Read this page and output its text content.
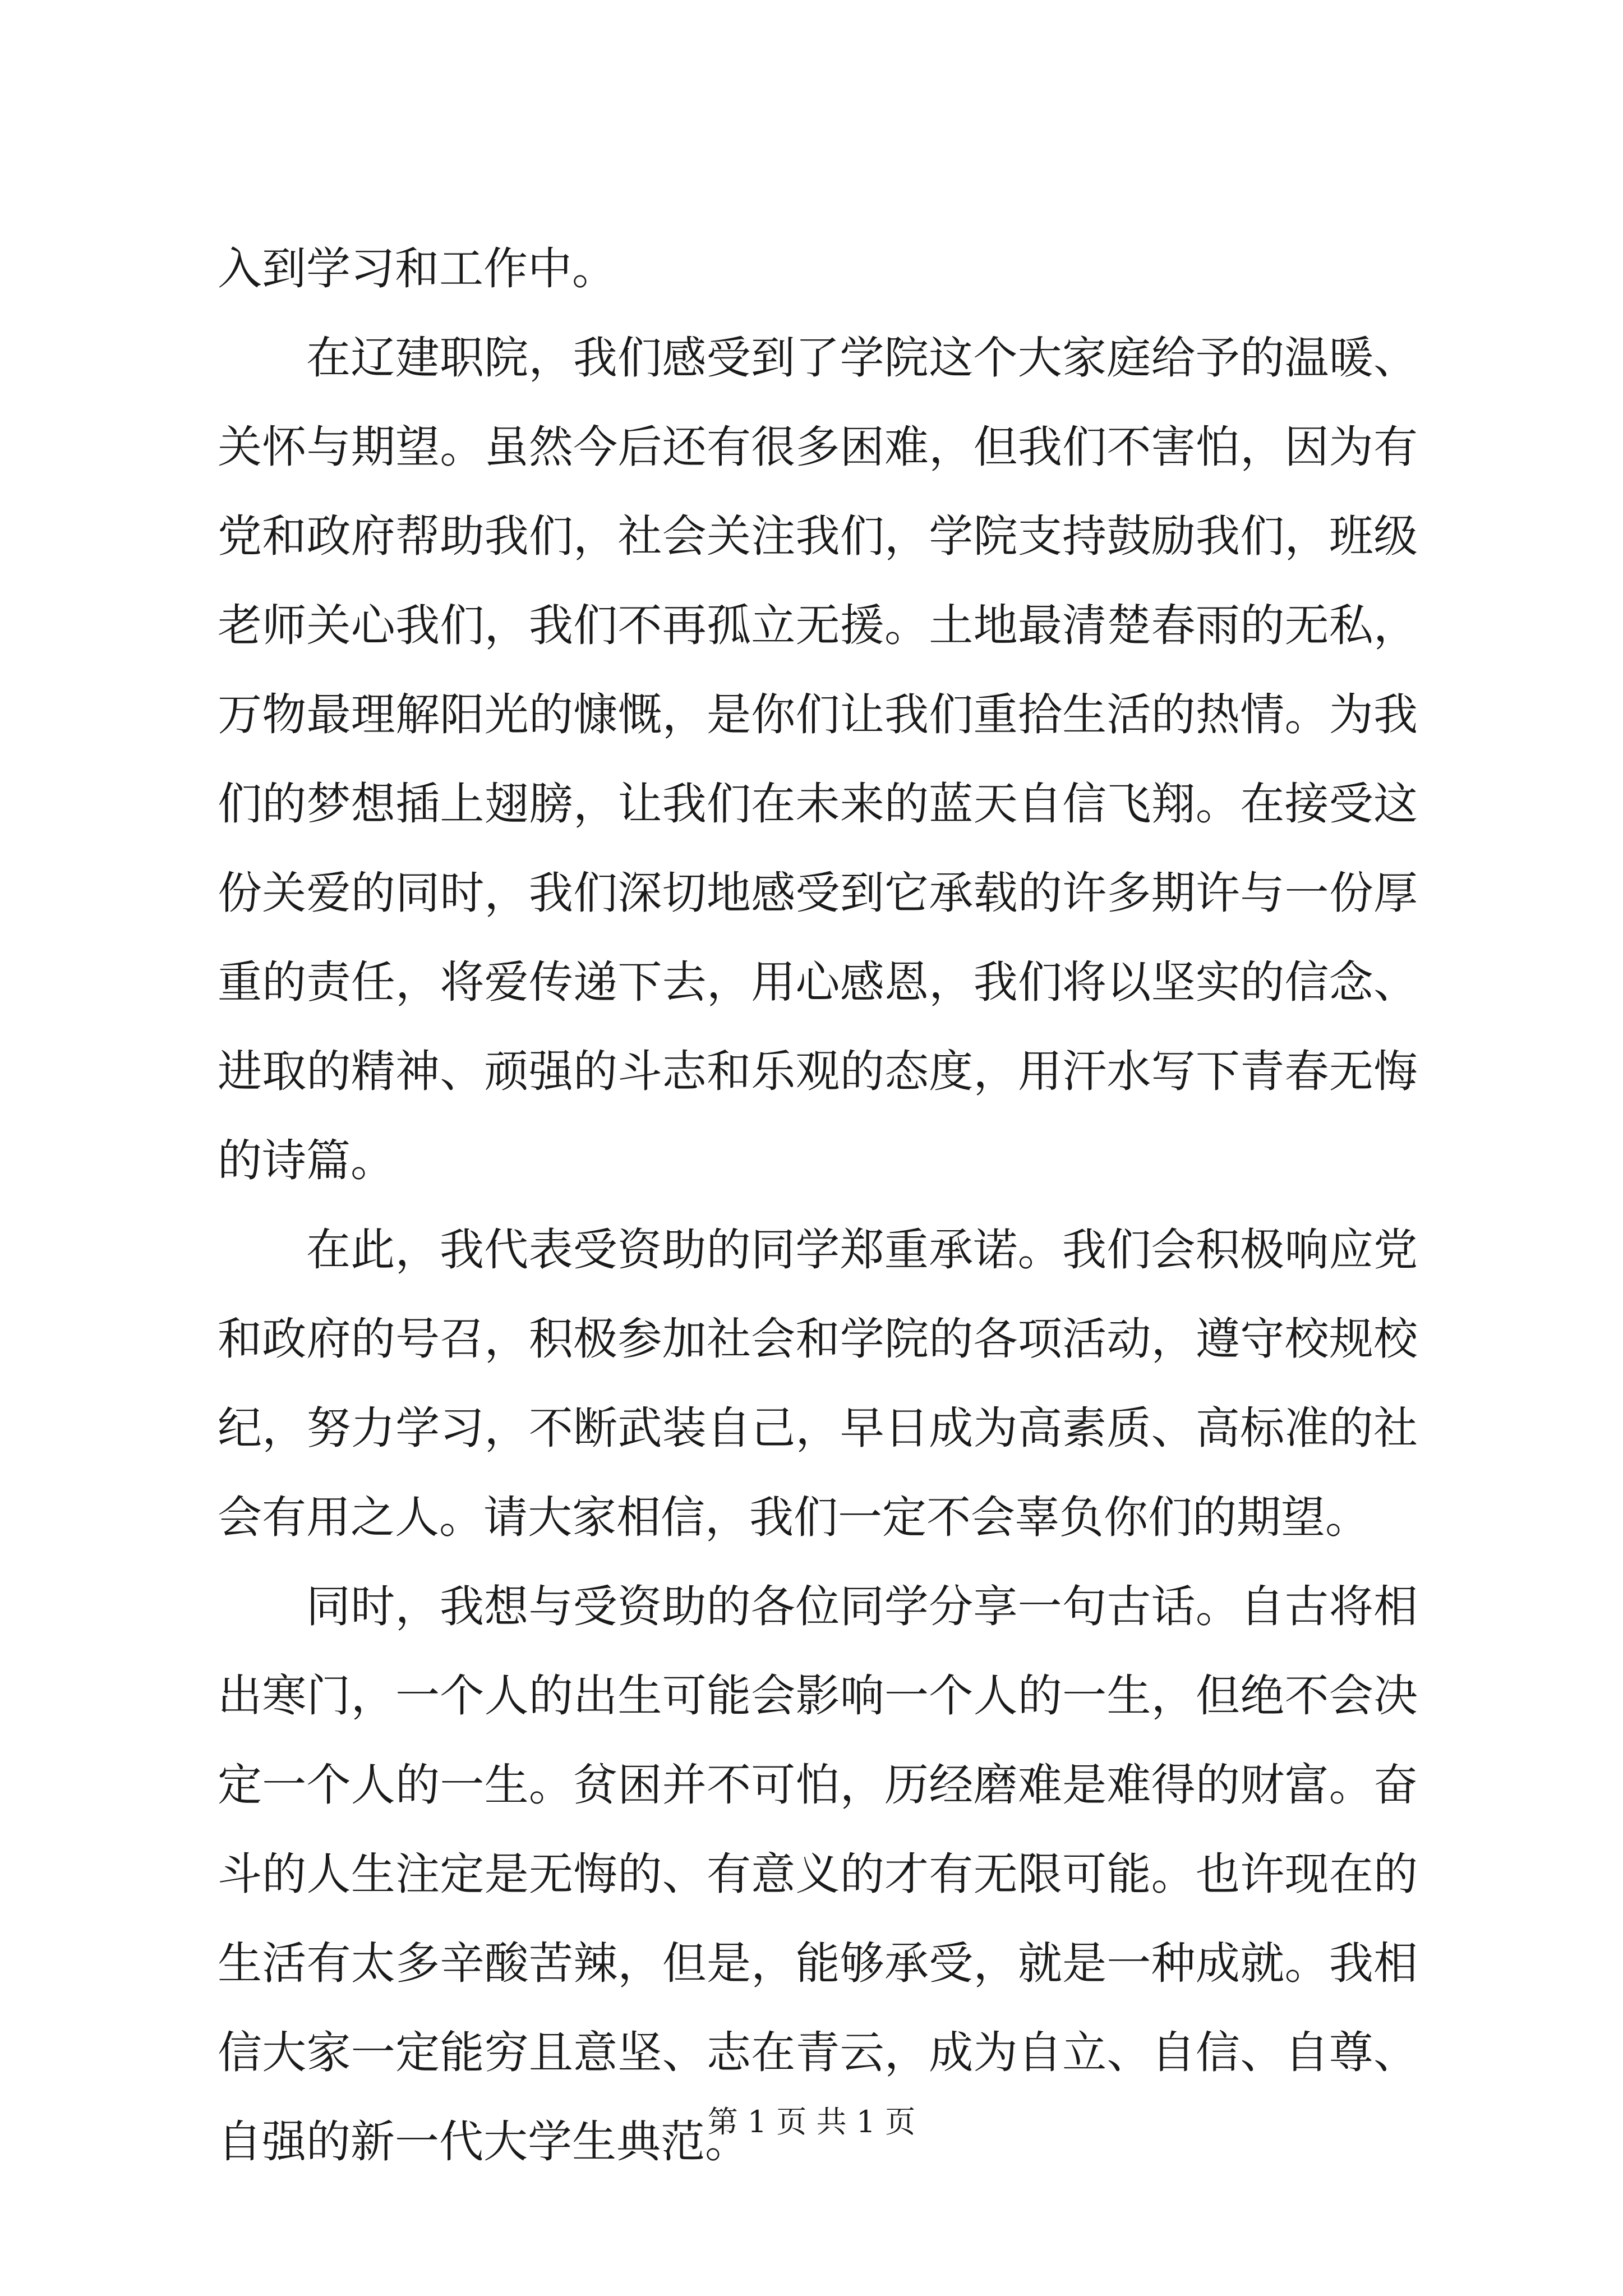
入到学习和工作中。

在辽建职院，我们感受到了学院这个大家庭给予的温暖、关怀与期望。虽然今后还有很多困难，但我们不害怕，因为有党和政府帮助我们，社会关注我们，学院支持鼓励我们，班级老师关心我们，我们不再孤立无援。土地最清楚春雨的无私，万物最理解阳光的慷慨，是你们让我们重拾生活的热情。为我们的梦想插上翅膀，让我们在未来的蓝天自信飞翔。在接受这份关爱的同时，我们深切地感受到它承载的许多期许与一份厚重的责任，将爱传递下去，用心感恩，我们将以坚实的信念、进取的精神、顽强的斗志和乐观的态度，用汗水写下青春无悔的诗篇。

在此，我代表受资助的同学郑重承诺。我们会积极响应党和政府的号召，积极参加社会和学院的各项活动，遵守校规校纪，努力学习，不断武装自己，早日成为高素质、高标准的社会有用之人。请大家相信，我们一定不会辜负你们的期望。

同时，我想与受资助的各位同学分享一句古话。自古将相出寒门，一个人的出生可能会影响一个人的一生，但绝不会决定一个人的一生。贫困并不可怕，历经磨难是难得的财富。奋斗的人生注定是无悔的、有意义的才有无限可能。也许现在的生活有太多辛酸苦辣，但是，能够承受，就是一种成就。我相信大家一定能穷且意坚、志在青云，成为自立、自信、自尊、自强的新一代大学生典范。

第 1 页 共 1 页
